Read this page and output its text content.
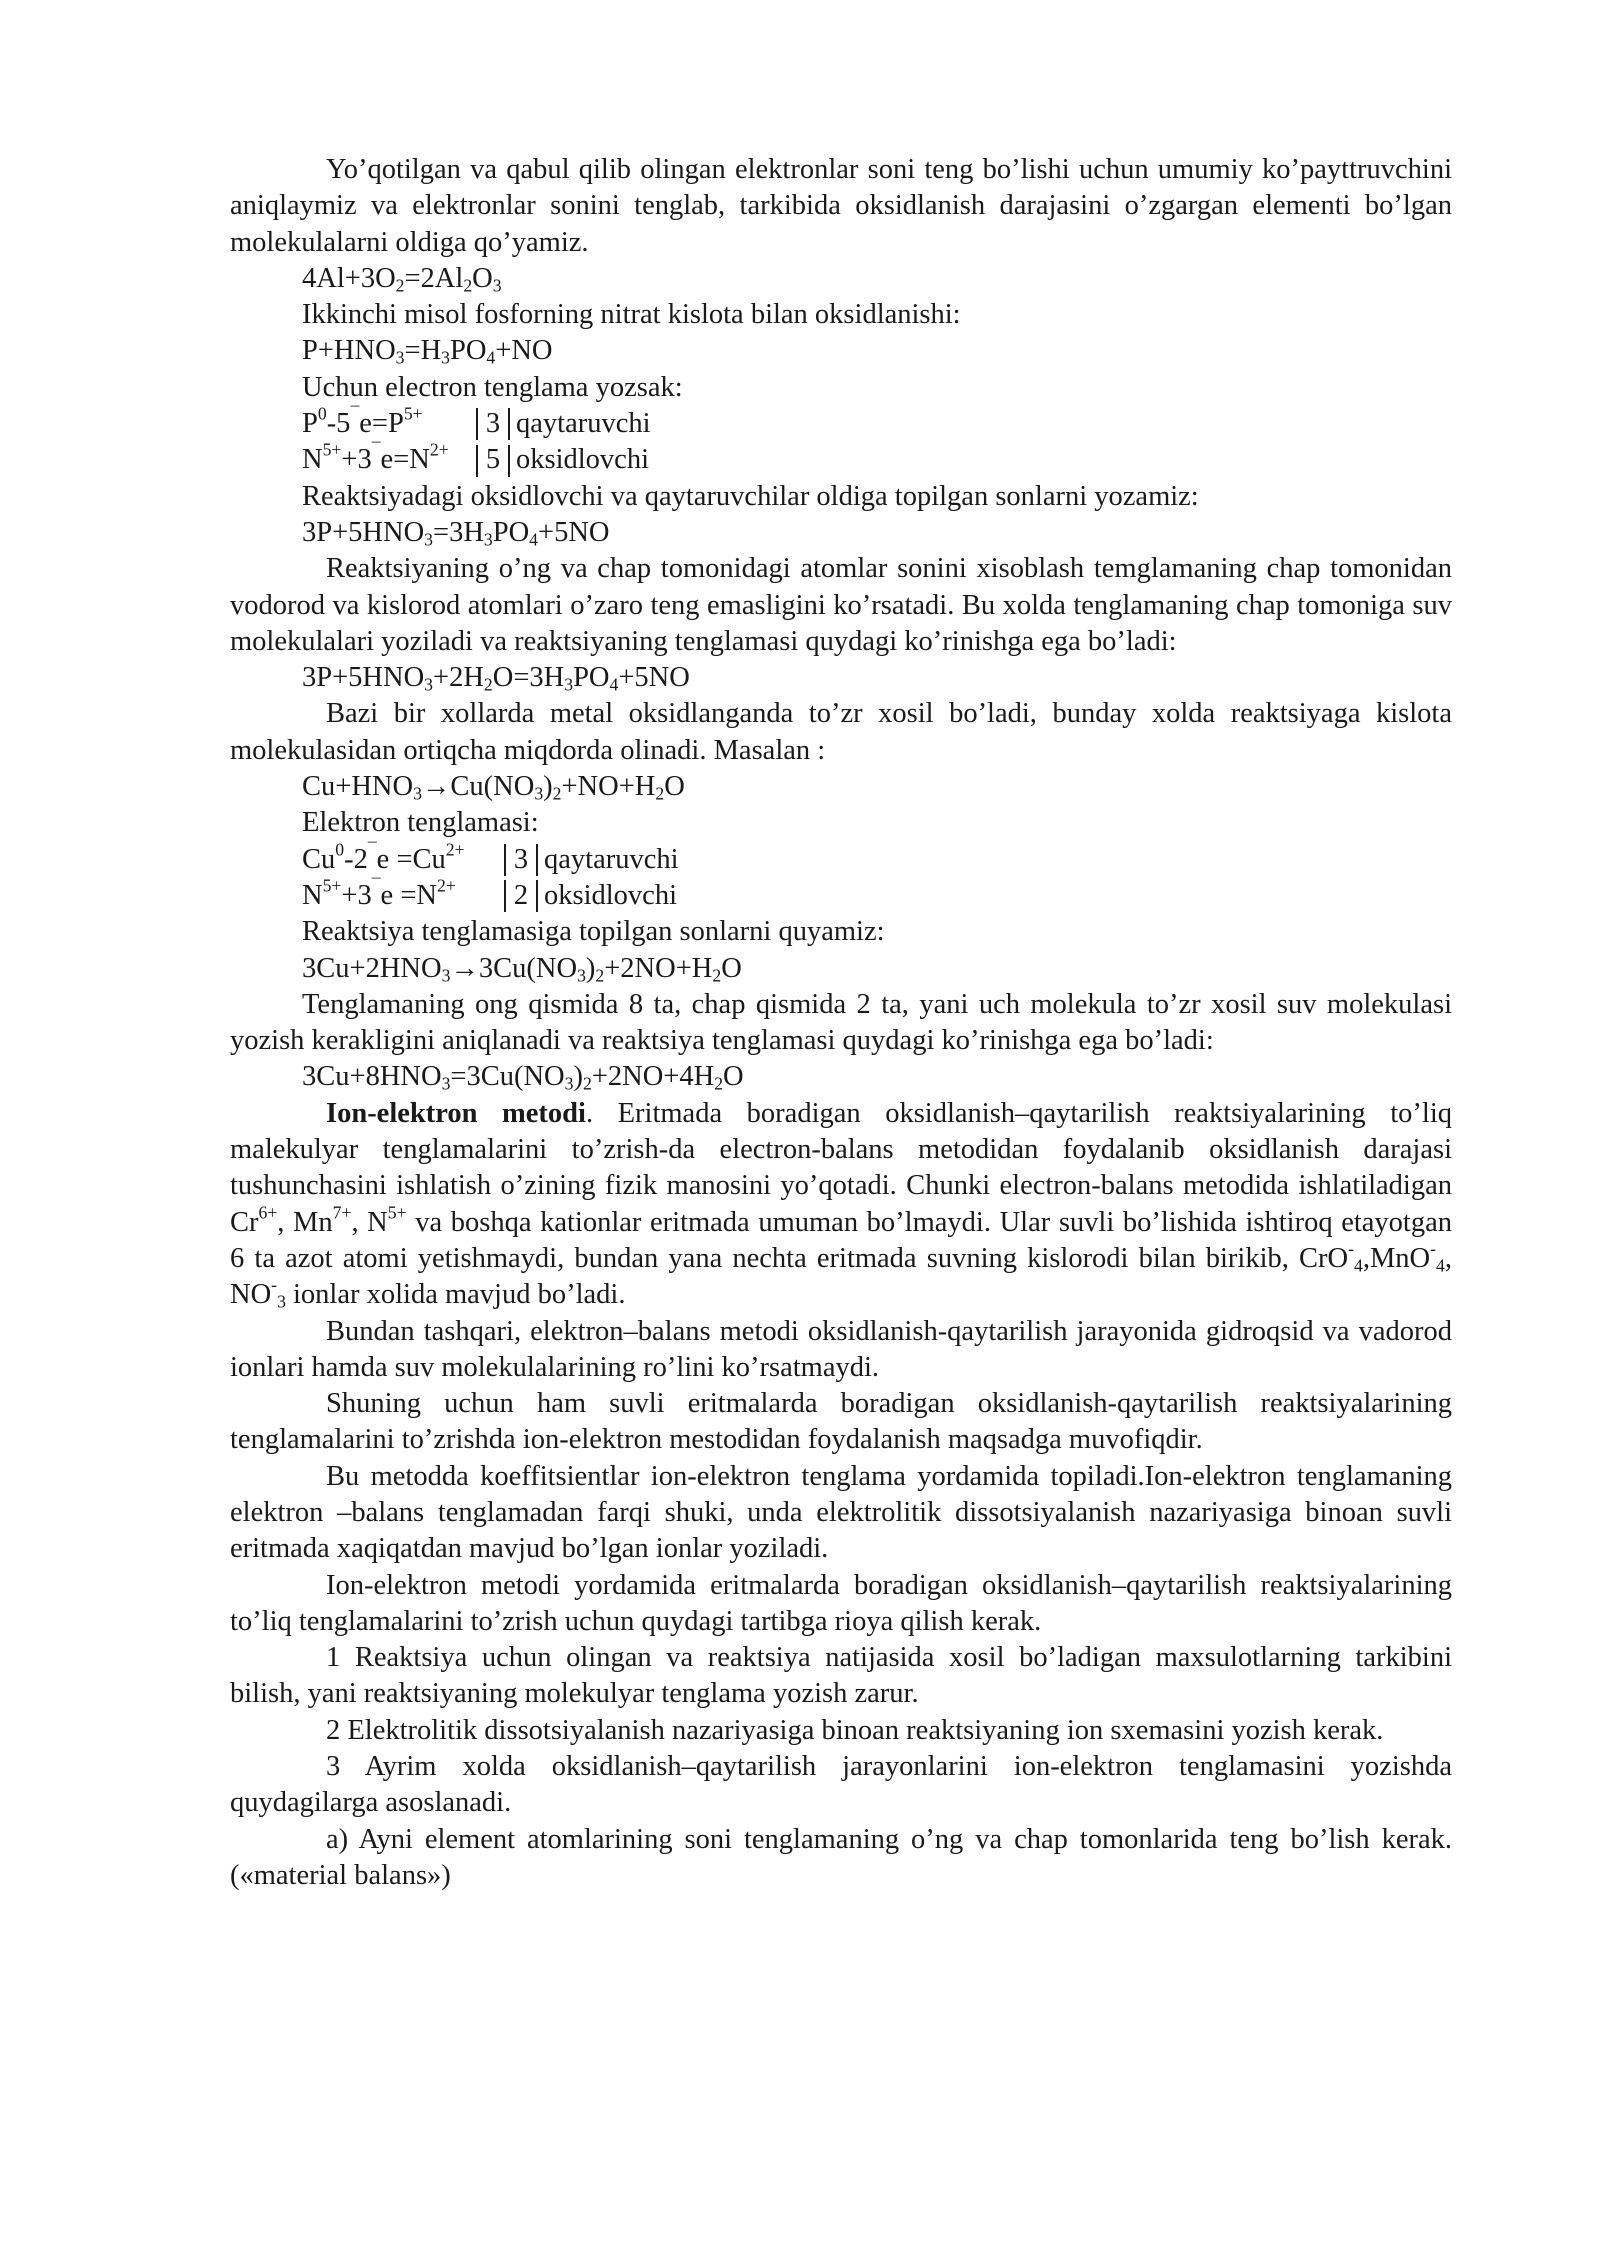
Yo’qotilgan va qabul qilib olingan elektronlar soni teng bo’lishi uchun umumiy ko’payttruvchini aniqlaymiz va elektronlar sonini tenglab, tarkibida oksidlanish darajasini o’zgargan elementi bo’lgan molekulalarni oldiga qo’yamiz.

$4Al+3O_2=2Al_2O_3$

Ikkinchi misol fosforning nitrat kislota bilan oksidlanishi:

$P+HNO_3=H_3PO_4+NO$

Uchun electron tenglama yozsak:

$P^0-5^¯e=P^{5+}$	3 qaytaruvchi
$N^{5+}+3^¯e=N^{2+}$	5 oksidlovchi

Reaktsiyadagi oksidlovchi va qaytaruvchilar oldiga topilgan sonlarni yozamiz:

$3P+5HNO_3=3H_3PO_4+5NO$

Reaktsiyaning o’ng va chap tomonidagi atomlar sonini xisoblash temglamaning chap tomonidan vodorod va kislorod atomlari o’zaro teng emasligini ko’rsatadi. Bu xolda tenglamaning chap tomoniga suv molekulalari yoziladi va reaktsiyaning tenglamasi quydagi ko’rinishga ega bo’ladi:

$3P+5HNO_3+2H_2O=3H_3PO_4+5NO$

Bazi bir xollarda metal oksidlanganda to’zr xosil bo’ladi, bunday xolda reaktsiyaga kislota molekulasidan ortiqcha miqdorda olinadi. Masalan :

$Cu+HNO_3\to Cu(NO_3)_2+NO+H_2O$

Elektron tenglamasi:

$Cu^0-2^¯e =Cu^{2+}$	3 qaytaruvchi
$N^{5+}+3^¯e =N^{2+}$	2 oksidlovchi

Reaktsiya tenglamasiga topilgan sonlarni quyamiz:

$3Cu+2HNO_3\to 3Cu(NO_3)_2+2NO+H_2O$

Tenglamaning ong qismida 8 ta, chap qismida 2 ta, yani uch molekula to’zr xosil suv molekulasi yozish kerakligini aniqlanadi va reaktsiya tenglamasi quydagi ko’rinishga ega bo’ladi:

$3Cu+8HNO_3=3Cu(NO_3)_2+2NO+4H_2O$

Ion-elektron metodi. Eritmada boradigan oksidlanish–qaytarilish reaktsiyalarining to’liq malekulyar tenglamalarini to’zrish-da electron-balans metodidan foydalanib oksidlanish darajasi tushunchasini ishlatish o’zining fizik manosini yo’qotadi. Chunki electron-balans metodida ishlatiladigan $Cr^{6+}$, $Mn^{7+}$, $N^{5+}$ va boshqa kationlar eritmada umuman bo’lmaydi. Ular suvli bo’lishida ishtiroq etayotgan 6 ta azot atomi yetishmaydi, bundan yana nechta eritmada suvning kislorodi bilan birikib, CrO-$_4$,MnO-$_4$, $NO^-_3$ ionlar xolida mavjud bo’ladi.

Bundan tashqari, elektron–balans metodi oksidlanish-qaytarilish jarayonida gidroqsid va vadorod ionlari hamda suv molekulalarining ro’lini ko’rsatmaydi.

Shuning uchun ham suvli eritmalarda boradigan oksidlanish-qaytarilish reaktsiyalarining tenglamalarini to’zrishda ion-elektron mestodidan foydalanish maqsadga muvofiqdir.

Bu metodda koeffitsientlar ion-elektron tenglama yordamida topiladi.Ion-elektron tenglamaning elektron –balans tenglamadan farqi shuki, unda elektrolitik dissotsiyalanish nazariyasiga binoan suvli eritmada xaqiqatdan mavjud bo’lgan ionlar yoziladi.

Ion-elektron metodi yordamida eritmalarda boradigan oksidlanish–qaytarilish reaktsiyalarining to’liq tenglamalarini to’zrish uchun quydagi tartibga rioya qilish kerak.

1 Reaktsiya uchun olingan va reaktsiya natijasida xosil bo’ladigan maxsulotlarning tarkibini bilish, yani reaktsiyaning molekulyar tenglama yozish zarur.

2 Elektrolitik dissotsiyalanish nazariyasiga binoan reaktsiyaning ion sxemasini yozish kerak.

3 Ayrim xolda oksidlanish–qaytarilish jarayonlarini ion-elektron tenglamasini yozishda quydagilarga asoslanadi.

a) Ayni element atomlarining soni tenglamaning o’ng va chap tomonlarida teng bo’lish kerak.(«material balans»)
